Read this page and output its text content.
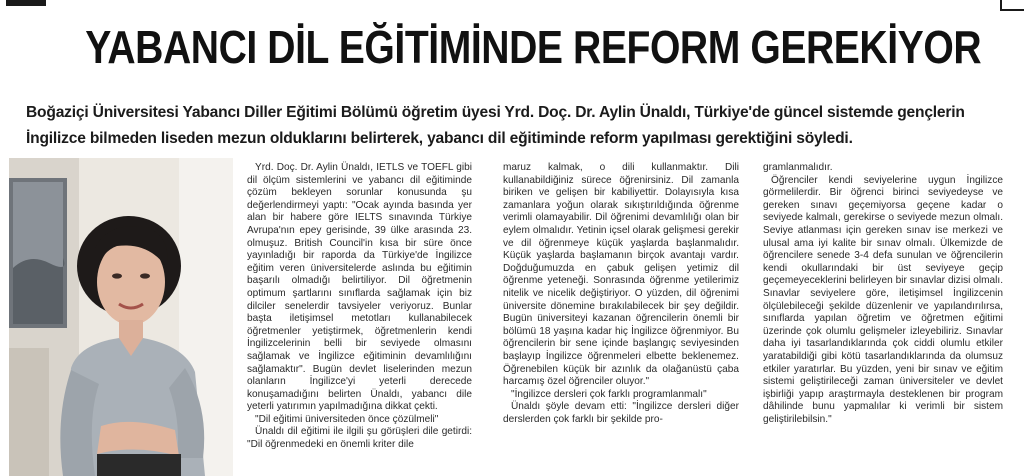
YABANCI DİL EĞİTİMİNDE REFORM GEREKİYOR

Boğaziçi Üniversitesi Yabancı Diller Eğitimi Bölümü öğretim üyesi Yrd. Doç. Dr. Aylin Ünaldı, Türkiye'de güncel sistemde gençlerin İngilizce bilmeden liseden mezun olduklarını belirterek, yabancı dil eğitiminde reform yapılması gerektiğini söyledi.

Yrd. Doç. Dr. Aylin Ünaldı, IETLS ve TOEFL gibi dil ölçüm sistemlerini ve yabancı dil eğitiminde çözüm bekleyen sorunlar konusunda şu değerlendirmeyi yaptı: "Ocak ayında basında yer alan bir habere göre IELTS sınavında Türkiye Avrupa'nın epey gerisinde, 39 ülke arasında 23. olmuşuz. British Council'in kısa bir süre önce yayınladığı bir raporda da Türkiye'de İngilizce eğitim veren üniversitelerde aslında bu eğitimin başarılı olmadığı belirtiliyor. Dil öğretmenin optimum şartlarını sınıflarda sağlamak için biz dilciler senelerdir tavsiyeler veriyoruz. Bunlar başta iletişimsel metotları kullanabilecek öğretmenler yetiştirmek, öğretmenlerin kendi İngilizcelerinin belli bir seviyede olmasını sağlamak ve İngilizce eğitiminin devamlılığını sağlamaktır". Bugün devlet liselerinden mezun olanların İngilizce'yi yeterli derecede konuşamadığını belirten Ünaldı, yabancı dile yeterli yatırımın yapılmadığına dikkat çekti.

"Dil eğitimi üniversiteden önce çözülmeli"

Ünaldı dil eğitimi ile ilgili şu görüşleri dile getirdi: "Dil öğrenmedeki en önemli kriter dile

maruz kalmak, o dili kullanmaktır. Dili kullanabildiğiniz sürece öğrenirsiniz. Dil zamanla biriken ve gelişen bir kabiliyettir. Dolayısıyla kısa zamanlara yoğun olarak sıkıştırıldığında öğrenme verimli olamayabilir. Dil öğrenimi devamlılığı olan bir eylem olmalıdır. Yetinin içsel olarak gelişmesi gerekir ve dil öğrenmeye küçük yaşlarda başlanmalıdır. Küçük yaşlarda başlamanın birçok avantajı vardır. Doğduğumuzda en çabuk gelişen yetimiz dil öğrenme yeteneği. Sonrasında öğrenme yetilerimiz nitelik ve nicelik değiştiriyor. O yüzden, dil öğrenimi üniversite dönemine bırakılabilecek bir şey değildir. Bugün üniversiteyi kazanan öğrencilerin önemli bir bölümü 18 yaşına kadar hiç İngilizce öğrenmiyor. Bu öğrencilerin bir sene içinde başlangıç seviyesinden başlayıp İngilizce öğrenmeleri elbette beklenemez. Öğrenebilen küçük bir azınlık da olağanüstü çaba harcamış özel öğrenciler oluyor."

"İngilizce dersleri çok farklı programlanmalı"

Ünaldı şöyle devam etti: "İngilizce dersleri diğer derslerden çok farklı bir şekilde pro-

gramlanmalıdır.

Öğrenciler kendi seviyelerine uygun İngilizce görmelilerdir. Bir öğrenci birinci seviyedeyse ve gereken sınavı geçemiyorsa geçene kadar o seviyede kalmalı, gerekirse o seviyede mezun olmalı. Seviye atlanması için gereken sınav ise merkezi ve ulusal ama iyi kalite bir sınav olmalı. Ülkemizde de öğrencilere senede 3-4 defa sunulan ve öğrencilerin kendi okullarındaki bir üst seviyeye geçip geçemeyeceklerini belirleyen bir sınavlar dizisi olmalı. Sınavlar seviyelere göre, iletişimsel İngilizcenin ölçülebileceği şekilde düzenlenir ve yapılandırılırsa, sınıflarda yapılan öğretim ve öğretmen eğitimi üzerinde çok olumlu gelişmeler izleyebiliriz. Sınavlar daha iyi tasarlandıklarında çok ciddi olumlu etkiler yaratabildiği gibi kötü tasarlandıklarında da olumsuz etkiler yaratırlar. Bu yüzden, yeni bir sınav ve eğitim sistemi geliştirileceği zaman üniversiteler ve devlet işbirliği yapıp araştırmayla desteklenen bir program dâhilinde bunu yapmalılar ki verimli bir sistem geliştirilebilsin."
